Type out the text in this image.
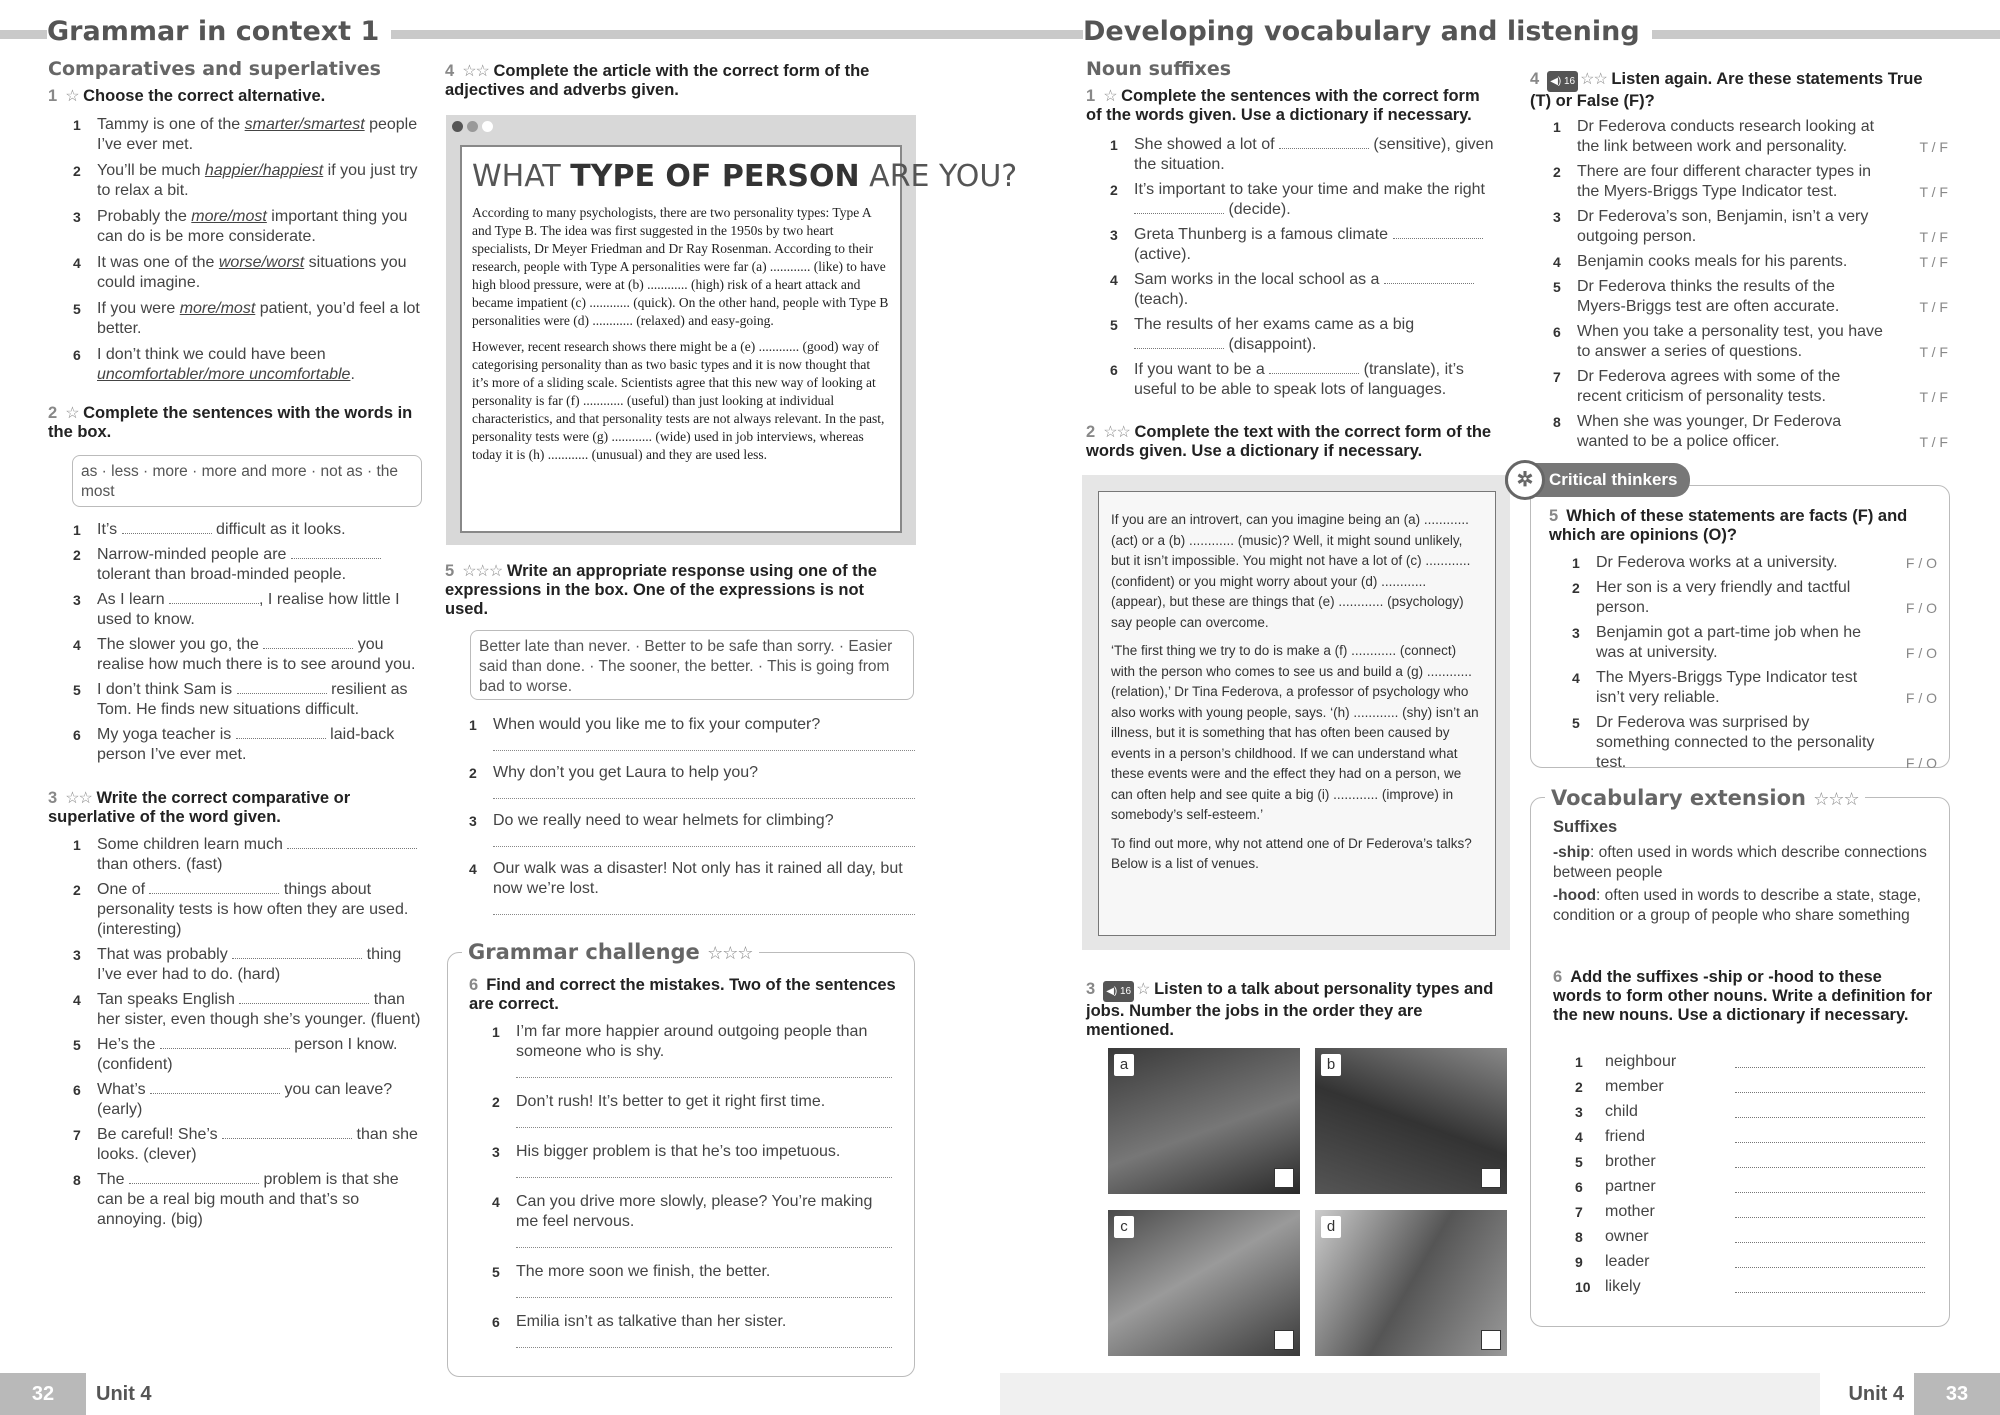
Grammar in context 1
Comparatives and superlatives
1 ☆ Choose the correct alternative.
1 Tammy is one of the smarter/smartest people I’ve ever met.
2 You’ll be much happier/happiest if you just try to relax a bit.
3 Probably the more/most important thing you can do is be more considerate.
4 It was one of the worse/worst situations you could imagine.
5 If you were more/most patient, you’d feel a lot better.
6 I don’t think we could have been uncomfortabler/more uncomfortable.
2 ☆ Complete the sentences with the words in the box.
as · less · more · more and more · not as · the most
1 It’s	difficult as it looks.
2 Narrow-minded people are  tolerant than broad-minded people.
3 As I learn	, I realise how little I used to know.
4 The slower you go, the	you realise how much there is to see around you.
5 I don’t think Sam is	resilient as Tom. He finds new situations difficult.
6 My yoga teacher is	laid-back person I’ve ever met.
3 ☆☆ Write the correct comparative or superlative of the word given.
1 Some children learn much  than others. (fast)
2 One of	things about personality tests is how often they are used. (interesting)
3 That was probably	thing I’ve ever had to do. (hard)
4 Tan speaks English	than her sister, even though she’s younger. (fluent)
5 He’s the	person I know. (confident)
6 What’s	you can leave? (early)
7 Be careful! She’s	than she looks. (clever)
8 The	problem is that she can be a real big mouth and that’s so annoying. (big)
4 ☆☆ Complete the article with the correct form of the adjectives and adverbs given.
WHAT TYPE OF PERSON ARE YOU?

According to many psychologists, there are two personality types: Type A and Type B. The idea was first suggested in the 1950s by two heart specialists, Dr Meyer Friedman and Dr Ray Rosenman. According to their research, people with Type A personalities were far (a) ............ (like) to have high blood pressure, were at (b) ............ (high) risk of a heart attack and became impatient (c) ............ (quick). On the other hand, people with Type B personalities were (d) ............ (relaxed) and easy-going.

However, recent research shows there might be a (e) ............ (good) way of categorising personality than as two basic types and it is now thought that it’s more of a sliding scale. Scientists agree that this new way of looking at personality is far (f) ............ (useful) than just looking at individual characteristics, and that personality tests are not always relevant. In the past, personality tests were (g) ............ (wide) used in job interviews, whereas today it is (h) ............ (unusual) and they are used less.

5 ☆☆☆ Write an appropriate response using one of the expressions in the box. One of the expressions is not used.
Better late than never. · Better to be safe than sorry. · Easier said than done. · The sooner, the better. · This is going from bad to worse.
1 When would you like me to fix your computer?
2 Why don’t you get Laura to help you?
3 Do we really need to wear helmets for climbing?
4 Our walk was a disaster! Not only has it rained all day, but now we’re lost.
Grammar challenge ☆☆☆
6 Find and correct the mistakes. Two of the sentences are correct.
1 I’m far more happier around outgoing people than someone who is shy.
2 Don’t rush! It’s better to get it right first time.
3 His bigger problem is that he’s too impetuous.
4 Can you drive more slowly, please? You’re making me feel nervous.
5 The more soon we finish, the better.
6 Emilia isn’t as talkative than her sister.
32	Unit 4
Developing vocabulary and listening
Noun suffixes
1 ☆ Complete the sentences with the correct form of the words given. Use a dictionary if necessary.
1 She showed a lot of	(sensitive), given the situation.
2 It’s important to take your time and make the right  (decide).
3 Greta Thunberg is a famous climate  (active).
4 Sam works in the local school as a  (teach).
5 The results of her exams came as a big  (disappoint).
6 If you want to be a	(translate), it’s useful to be able to speak lots of languages.
2 ☆☆ Complete the text with the correct form of the words given. Use a dictionary if necessary.

If you are an introvert, can you imagine being an (a) ............ (act) or a (b) ............ (music)? Well, it might sound unlikely, but it isn’t impossible. You might not have a lot of (c) ............ (confident) or you might worry about your (d) ............ (appear), but these are things that (e) ............ (psychology) say people can overcome.

‘The first thing we try to do is make a (f) ............ (connect) with the person who comes to see us and build a (g) ............ (relation),’ Dr Tina Federova, a professor of psychology who also works with young people, says. ‘(h) ............ (shy) isn’t an illness, but it is something that has often been caused by events in a person’s childhood. If we can understand what these events were and the effect they had on a person, we can often help and see quite a big (i) ............ (improve) in somebody’s self-esteem.’

To find out more, why not attend one of Dr Federova’s talks? Below is a list of venues.

3 ◀) 16 ☆ Listen to a talk about personality types and jobs. Number the jobs in the order they are mentioned.
a	b
c	d
4 ◀) 16 ☆☆ Listen again. Are these statements True (T) or False (F)?
1 Dr Federova conducts research looking at the link between work and personality.	T / F
2 There are four different character types in the Myers-Briggs Type Indicator test.	T / F
3 Dr Federova’s son, Benjamin, isn’t a very outgoing person.	T / F
4 Benjamin cooks meals for his parents.	T / F
5 Dr Federova thinks the results of the Myers-Briggs test are often accurate.	T / F
6 When you take a personality test, you have to answer a series of questions.	T / F
7 Dr Federova agrees with some of the recent criticism of personality tests.	T / F
8 When she was younger, Dr Federova wanted to be a police officer.	T / F
✲ Critical thinkers
5 Which of these statements are facts (F) and which are opinions (O)?
1 Dr Federova works at a university.	F / O
2 Her son is a very friendly and tactful person.	F / O
3 Benjamin got a part-time job when he was at university.	F / O
4 The Myers-Briggs Type Indicator test isn’t very reliable.	F / O
5 Dr Federova was surprised by something connected to the personality test.	F / O
Vocabulary extension ☆☆☆
Suffixes
-ship: often used in words which describe connections between people
-hood: often used in words to describe a state, stage, condition or a group of people who share something
6 Add the suffixes -ship or -hood to these words to form other nouns. Write a definition for the new nouns. Use a dictionary if necessary.
1 neighbour
2 member
3 child
4 friend
5 brother
6 partner
7 mother
8 owner
9 leader
10 likely
Unit 4	33
